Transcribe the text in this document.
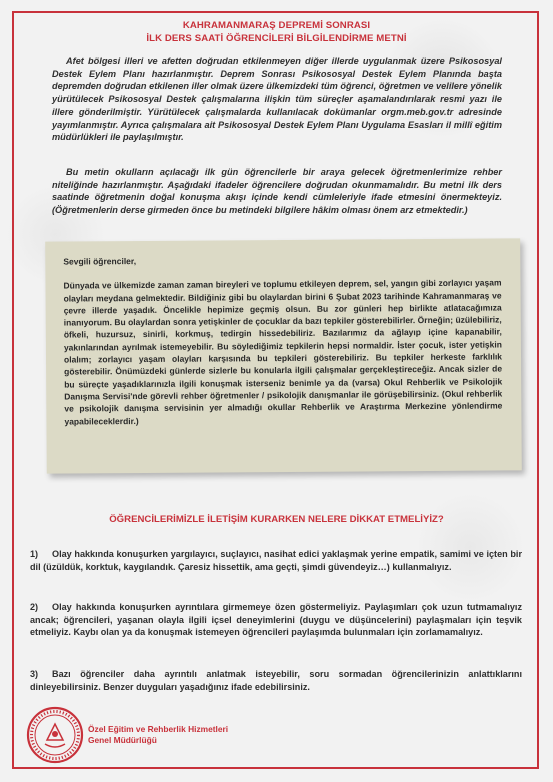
KAHRAMANMARAŞ DEPREMİ SONRASI
İLK DERS SAATİ ÖĞRENCİLERİ BİLGİLENDİRME METNİ

Afet bölgesi illeri ve afetten doğrudan etkilenmeyen diğer illerde uygulanmak üzere Psikososyal Destek Eylem Planı hazırlanmıştır. Deprem Sonrası Psikososyal Destek Eylem Planında başta depremden doğrudan etkilenen iller olmak üzere ülkemizdeki tüm öğrenci, öğretmen ve velilere yönelik yürütülecek Psikososyal Destek çalışmalarına ilişkin tüm süreçler aşamalandırılarak resmi yazı ile illere gönderilmiştir. Yürütülecek çalışmalarda kullanılacak dokümanlar orgm.meb.gov.tr adresinde yayımlanmıştır. Ayrıca çalışmalara ait Psikososyal Destek Eylem Planı Uygulama Esasları il millî eğitim müdürlükleri ile paylaşılmıştır.

Bu metin okulların açılacağı ilk gün öğrencilerle bir araya gelecek öğretmenlerimize rehber niteliğinde hazırlanmıştır. Aşağıdaki ifadeler öğrencilere doğrudan okunmamalıdır. Bu metni ilk ders saatinde öğretmenin doğal konuşma akışı içinde kendi cümleleriyle ifade etmesini önermekteyiz. (Öğretmenlerin derse girmeden önce bu metindeki bilgilere hâkim olması önem arz etmektedir.)

Sevgili öğrenciler,

Dünyada ve ülkemizde zaman zaman bireyleri ve toplumu etkileyen deprem, sel, yangın gibi zorlayıcı yaşam olayları meydana gelmektedir. Bildiğiniz gibi bu olaylardan birini 6 Şubat 2023 tarihinde Kahramanmaraş ve çevre illerde yaşadık. Öncelikle hepimize geçmiş olsun. Bu zor günleri hep birlikte atlatacağımıza inanıyorum. Bu olaylardan sonra yetişkinler de çocuklar da bazı tepkiler gösterebilirler. Örneğin; üzülebiliriz, öfkeli, huzursuz, sinirli, korkmuş, tedirgin hissedebiliriz. Bazılarımız da ağlayıp içine kapanabilir, yakınlarından ayrılmak istemeyebilir. Bu söylediğimiz tepkilerin hepsi normaldir. İster çocuk, ister yetişkin olalım; zorlayıcı yaşam olayları karşısında bu tepkileri gösterebiliriz. Bu tepkiler herkeste farklılık gösterebilir. Önümüzdeki günlerde sizlerle bu konularla ilgili çalışmalar gerçekleştireceğiz. Ancak sizler de bu süreçte yaşadıklarınızla ilgili konuşmak isterseniz benimle ya da (varsa) Okul Rehberlik ve Psikolojik Danışma Servisi'nde görevli rehber öğretmenler / psikolojik danışmanlar ile görüşebilirsiniz. (Okul rehberlik ve psikolojik danışma servisinin yer almadığı okullar Rehberlik ve Araştırma Merkezine yönlendirme yapabileceklerdir.)

ÖĞRENCİLERİMİZLE İLETİŞİM KURARKEN NELERE DİKKAT ETMELİYİZ?

1) Olay hakkında konuşurken yargılayıcı, suçlayıcı, nasihat edici yaklaşmak yerine empatik, samimi ve içten bir dil (üzüldük, korktuk, kaygılandık. Çaresiz hissettik, ama geçti, şimdi güvendeyiz…) kullanmalıyız.

2) Olay hakkında konuşurken ayrıntılara girmemeye özen göstermeliyiz. Paylaşımları çok uzun tutmamalıyız ancak; öğrencileri, yaşanan olayla ilgili içsel deneyimlerini (duygu ve düşüncelerini) paylaşmaları için teşvik etmeliyiz. Kaybı olan ya da konuşmak istemeyen öğrencileri paylaşımda bulunmaları için zorlamamalıyız.

3) Bazı öğrenciler daha ayrıntılı anlatmak isteyebilir, soru sormadan öğrencilerinizin anlattıklarını dinleyebilirsiniz. Benzer duyguları yaşadığınız ifade edebilirsiniz.

Özel Eğitim ve Rehberlik Hizmetleri
Genel Müdürlüğü
